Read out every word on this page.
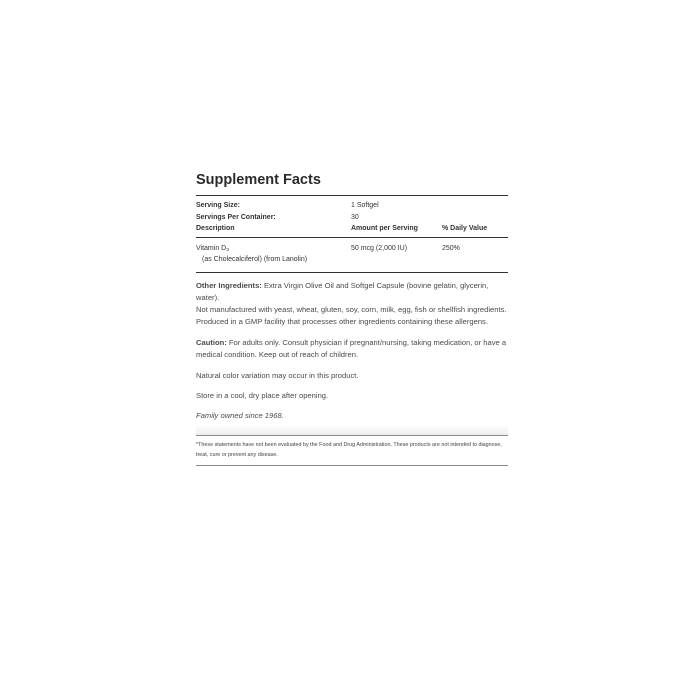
Supplement Facts
Serving Size:	1 Softgel
Servings Per Container:	30
Description	Amount per Serving	% Daily Value
Vitamin $D_3$	50 mcg (2,000 IU)	250%
(as Cholecalciferol) (from Lanolin)

Other Ingredients: Extra Virgin Olive Oil and Softgel Capsule (bovine gelatin, glycerin, water).

Not manufactured with yeast, wheat, gluten, soy, corn, milk, egg, fish or shellfish ingredients. Produced in a GMP facility that processes other ingredients containing these allergens.

Caution: For adults only. Consult physician if pregnant/nursing, taking medication, or have a medical condition. Keep out of reach of children.

Natural color variation may occur in this product.

Store in a cool, dry place after opening.

Family owned since 1968.

*These statements have not been evaluated by the Food and Drug Administration. These products are not intended to diagnose, treat, cure or prevent any disease.
